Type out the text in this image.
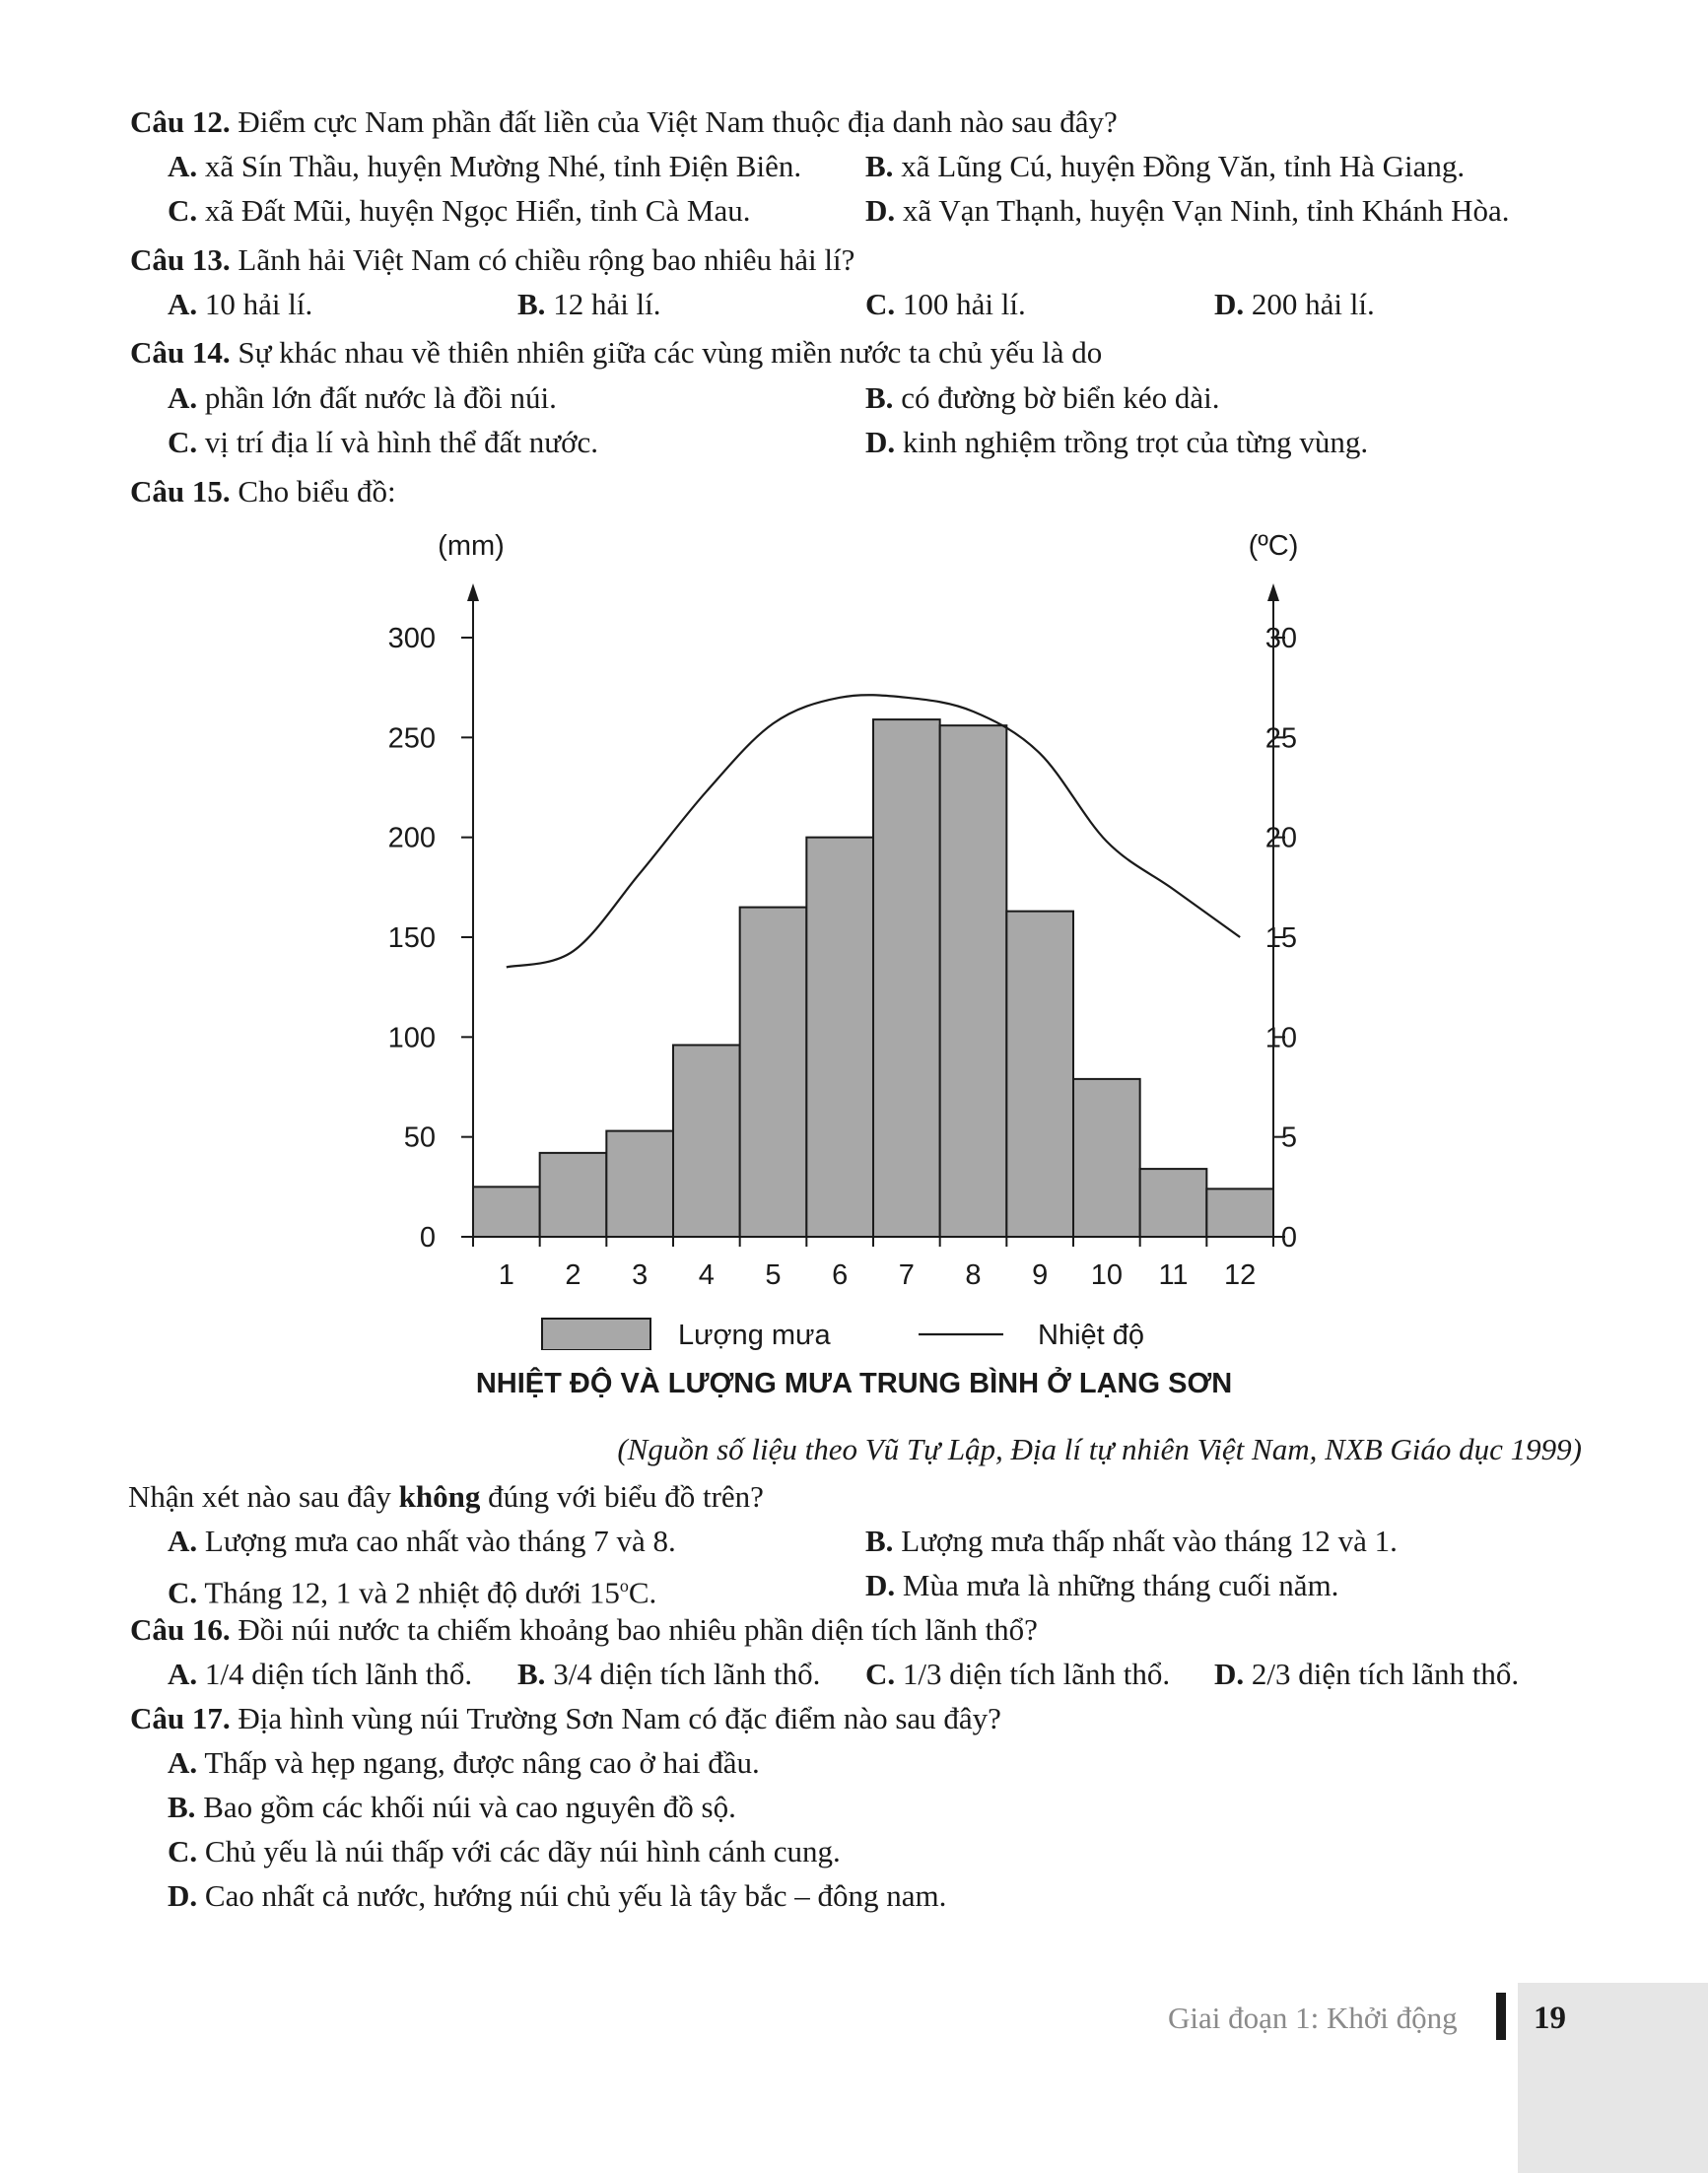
Câu 12. Điểm cực Nam phần đất liền của Việt Nam thuộc địa danh nào sau đây?
A. xã Sín Thầu, huyện Mường Nhé, tỉnh Điện Biên. B. xã Lũng Cú, huyện Đồng Văn, tỉnh Hà Giang.
C. xã Đất Mũi, huyện Ngọc Hiển, tỉnh Cà Mau.	D. xã Vạn Thạnh, huyện Vạn Ninh, tỉnh Khánh Hòa.
Câu 13. Lãnh hải Việt Nam có chiều rộng bao nhiêu hải lí?
A. 10 hải lí.	B. 12 hải lí.	C. 100 hải lí.	D. 200 hải lí.
Câu 14. Sự khác nhau về thiên nhiên giữa các vùng miền nước ta chủ yếu là do
A. phần lớn đất nước là đồi núi.	B. có đường bờ biển kéo dài.
C. vị trí địa lí và hình thể đất nước.	D. kinh nghiệm trồng trọt của từng vùng.
Câu 15. Cho biểu đồ:
(mm)	(ºC)
0
50
100
150
200
250
300
0
5
10
15
20
25
30
1 2 3 4 5 6 7 8 9 10 11 12
Lượng mưa	Nhiệt độ
NHIỆT ĐỘ VÀ LƯỢNG MƯA TRUNG BÌNH Ở LẠNG SƠN
(Nguồn số liệu theo Vũ Tự Lập, Địa lí tự nhiên Việt Nam, NXB Giáo dục 1999)
Nhận xét nào sau đây không đúng với biểu đồ trên?
A. Lượng mưa cao nhất vào tháng 7 và 8.	B. Lượng mưa thấp nhất vào tháng 12 và 1.
C. Tháng 12, 1 và 2 nhiệt độ dưới 15$^o$C.	D. Mùa mưa là những tháng cuối năm.
Câu 16. Đồi núi nước ta chiếm khoảng bao nhiêu phần diện tích lãnh thổ?
A. 1/4 diện tích lãnh thổ. B. 3/4 diện tích lãnh thổ. C. 1/3 diện tích lãnh thổ. D. 2/3 diện tích lãnh thổ.
Câu 17. Địa hình vùng núi Trường Sơn Nam có đặc điểm nào sau đây?
A. Thấp và hẹp ngang, được nâng cao ở hai đầu.
B. Bao gồm các khối núi và cao nguyên đồ sộ.
C. Chủ yếu là núi thấp với các dãy núi hình cánh cung.
D. Cao nhất cả nước, hướng núi chủ yếu là tây bắc – đông nam.
Giai đoạn 1: Khởi động 19
